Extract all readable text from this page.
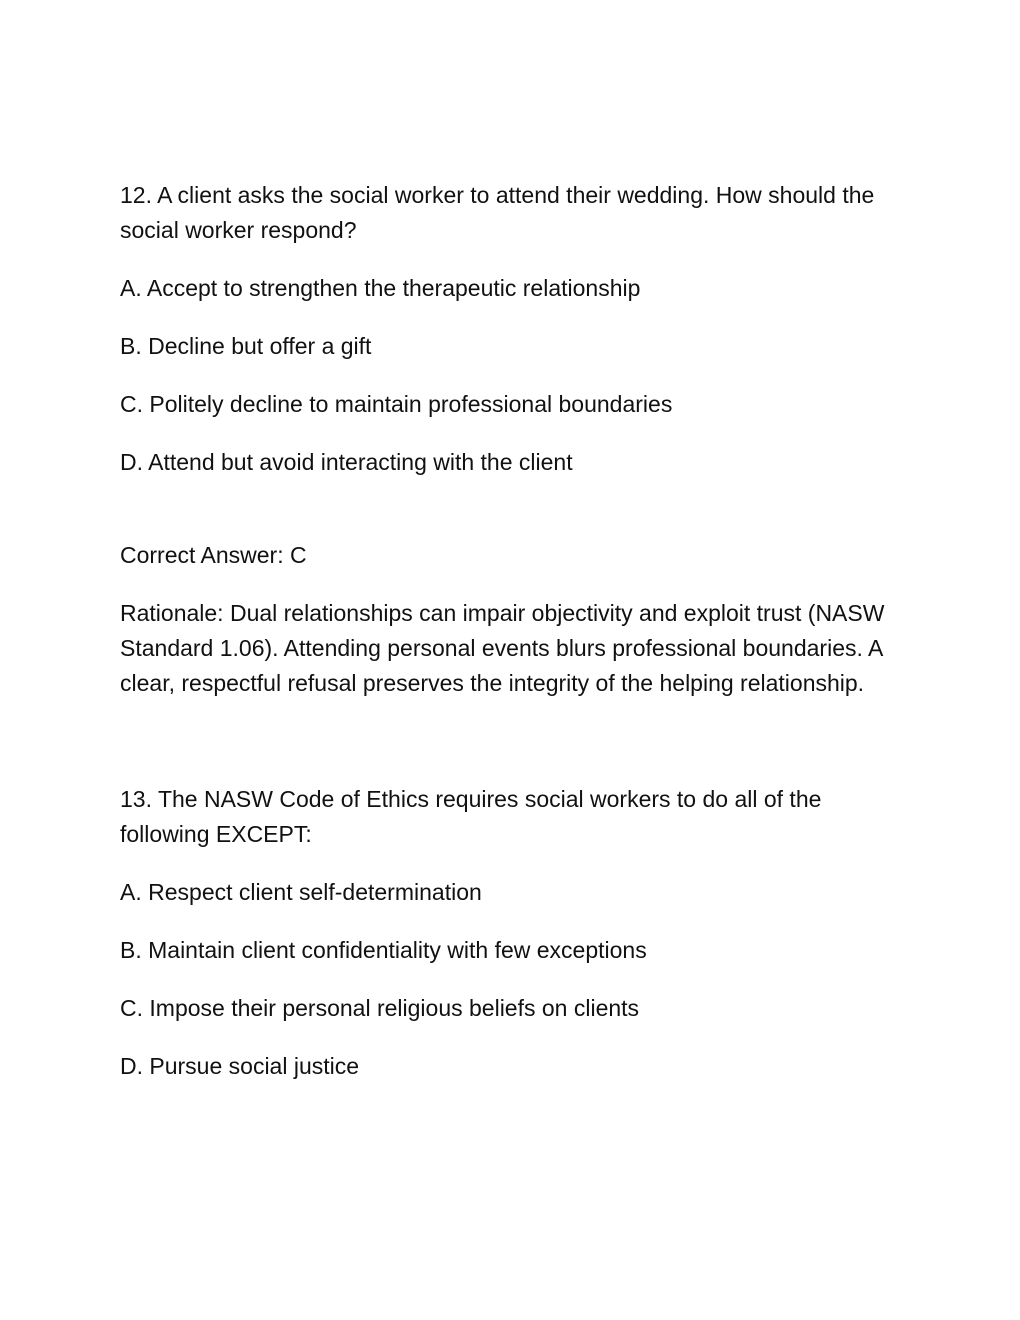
12. A client asks the social worker to attend their wedding. How should the social worker respond?

A. Accept to strengthen the therapeutic relationship

B. Decline but offer a gift

C. Politely decline to maintain professional boundaries

D. Attend but avoid interacting with the client

Correct Answer: C

Rationale: Dual relationships can impair objectivity and exploit trust (NASW Standard 1.06). Attending personal events blurs professional boundaries. A clear, respectful refusal preserves the integrity of the helping relationship.

13. The NASW Code of Ethics requires social workers to do all of the following EXCEPT:

A. Respect client self-determination

B. Maintain client confidentiality with few exceptions

C. Impose their personal religious beliefs on clients

D. Pursue social justice
